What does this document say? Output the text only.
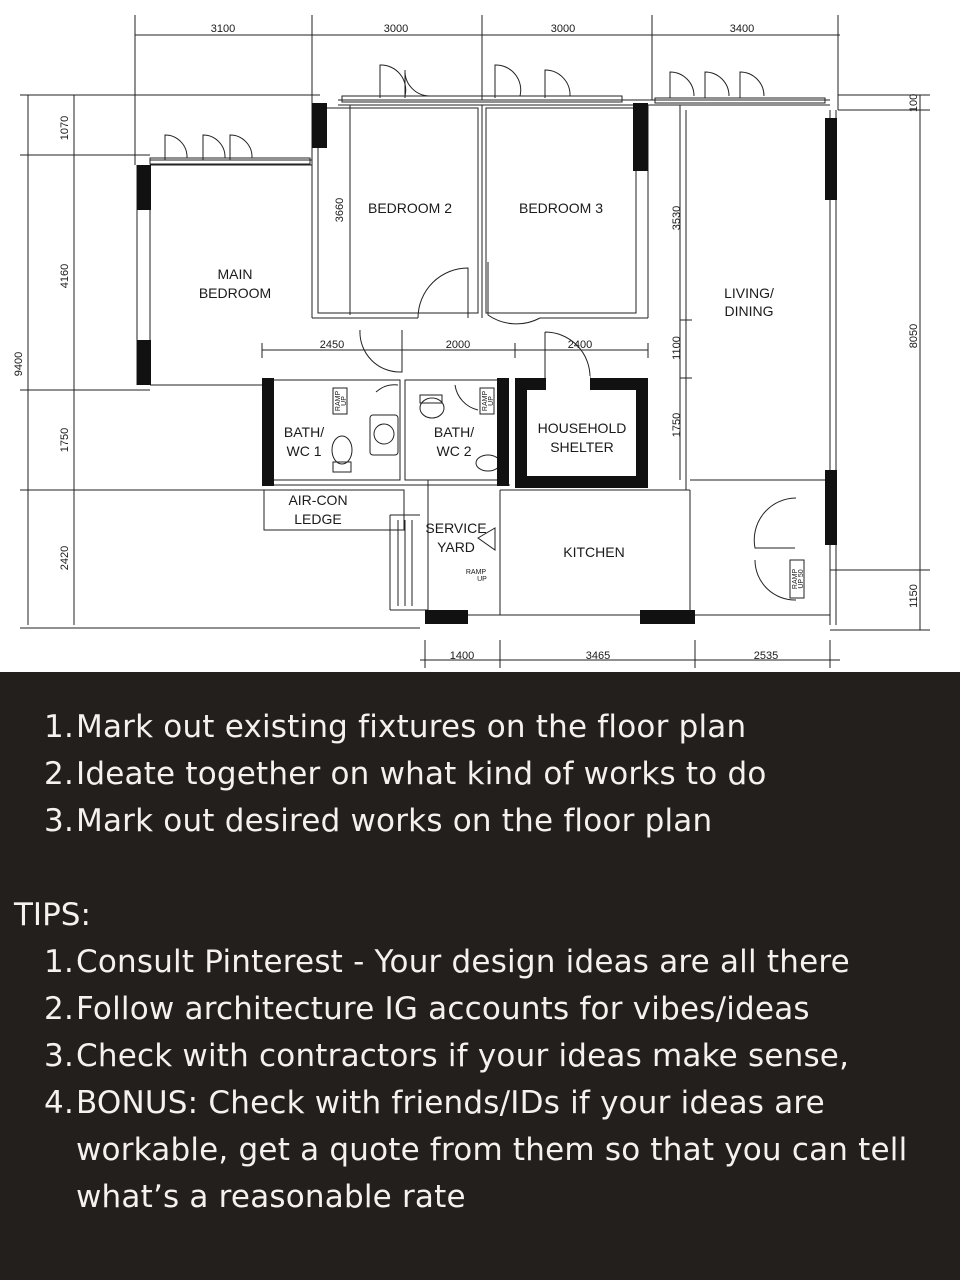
3100	3000	3000	3400
1400	3465	2535
1070
4160
1750
2420
9400
100
8050
1150
2450	2000	2400
3660	3530
1100
1750
MAIN
BEDROOM
BEDROOM 2	BEDROOM 3
LIVING/
DINING
BATH/
WC 1
BATH/
WC 2
HOUSEHOLD
SHELTER
AIR-CON
LEDGE
SERVICE
YARD	KITCHEN
RAMP UP	RAMP UP
RAMP
UP	RAMP UP 50
1. Mark out existing fixtures on the floor plan
2. Ideate together on what kind of works to do
3. Mark out desired works on the floor plan
TIPS:
1. Consult Pinterest - Your design ideas are all there
2. Follow architecture IG accounts for vibes/ideas
3. Check with contractors if your ideas make sense,
4. BONUS: Check with friends/IDs if your ideas are workable, get a quote from them so that you can tell what’s a reasonable rate
